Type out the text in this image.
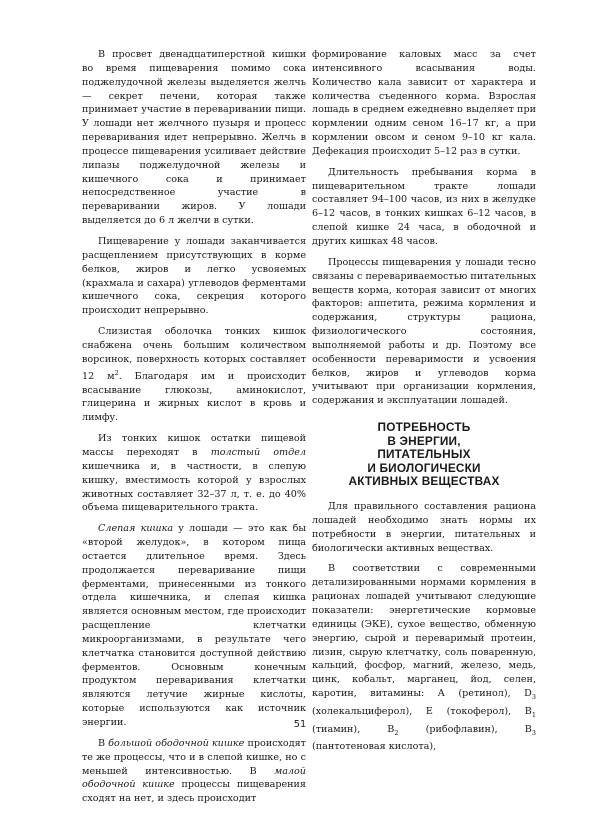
В просвет двенадцатиперстной кишки во время пищеварения помимо сока поджелудочной железы выделяется желчь — секрет печени, которая также принимает участие в переваривании пищи. У лошади нет желчного пузыря и процесс переваривания идет непрерывно. Желчь в процессе пищеварения усиливает действие липазы поджелудочной железы и кишечного сока и принимает непосредственное участие в переваривании жиров. У лошади выделяется до 6 л желчи в сутки.

Пищеварение у лошади заканчивается расщеплением присутствующих в корме белков, жиров и легко усвояемых (крахмала и сахара) углеводов ферментами кишечного сока, секреция которого происходит непрерывно.

Слизистая оболочка тонких кишок снабжена очень большим количеством ворсинок, поверхность которых составляет 12 $м^2$. Благодаря им и происходит всасывание глюкозы, аминокислот, глицерина и жирных кислот в кровь и лимфу.

Из тонких кишок остатки пищевой массы переходят в толстый отдел кишечника и, в частности, в слепую кишку, вместимость которой у взрослых животных составляет 32–37 л, т. е. до 40% объема пищеварительного тракта.

Слепая кишка у лошади — это как бы «второй желудок», в котором пища остается длительное время. Здесь продолжается переваривание пищи ферментами, принесенными из тонкого отдела кишечника, и слепая кишка является основным местом, где происходит расщепление клетчатки микроорганизмами, в результате чего клетчатка становится доступной действию ферментов. Основным конечным продуктом переваривания клетчатки являются летучие жирные кислоты, которые используются как источник энергии.

В большой ободочной кишке происходят те же процессы, что и в слепой кишке, но с меньшей интенсивностью. В малой ободочной кишке процессы пищеварения сходят на нет, и здесь происходит

формирование каловых масс за счет интенсивного всасывания воды. Количество кала зависит от характера и количества съеденного корма. Взрослая лошадь в среднем ежедневно выделяет при кормлении одним сеном 16–17 кг, а при кормлении овсом и сеном 9–10 кг кала. Дефекация происходит 5–12 раз в сутки.

Длительность пребывания корма в пищеварительном тракте лошади составляет 94–100 часов, из них в желудке 6–12 часов, в тонких кишках 6–12 часов, в слепой кишке 24 часа, в ободочной и других кишках 48 часов.

Процессы пищеварения у лошади тесно связаны с перевариваемостью питательных веществ корма, которая зависит от многих факторов: аппетита, режима кормления и содержания, структуры рациона, физиологического состояния, выполняемой работы и др. Поэтому все особенности переваримости и усвоения белков, жиров и углеводов корма учитывают при организации кормления, содержания и эксплуатации лошадей.

ПОТРЕБНОСТЬ
В ЭНЕРГИИ,
ПИТАТЕЛЬНЫХ
И БИОЛОГИЧЕСКИ
АКТИВНЫХ ВЕЩЕСТВАХ

Для правильного составления рациона лошадей необходимо знать нормы их потребности в энергии, питательных и биологически активных веществах.

В соответствии с современными детализированными нормами кормления в рационах лошадей учитывают следующие показатели: энергетические кормовые единицы (ЭКЕ), сухое вещество, обменную энергию, сырой и переваримый протеин, лизин, сырую клетчатку, соль поваренную, кальций, фосфор, магний, железо, медь, цинк, кобальт, марганец, йод, селен, каротин, витамины: А (ретинол), $D_3$ (холекальциферол), Е (токоферол), $В_1$ (тиамин), $В_2$ (рибофлавин), $В_3$ (пантотеновая кислота),

51
